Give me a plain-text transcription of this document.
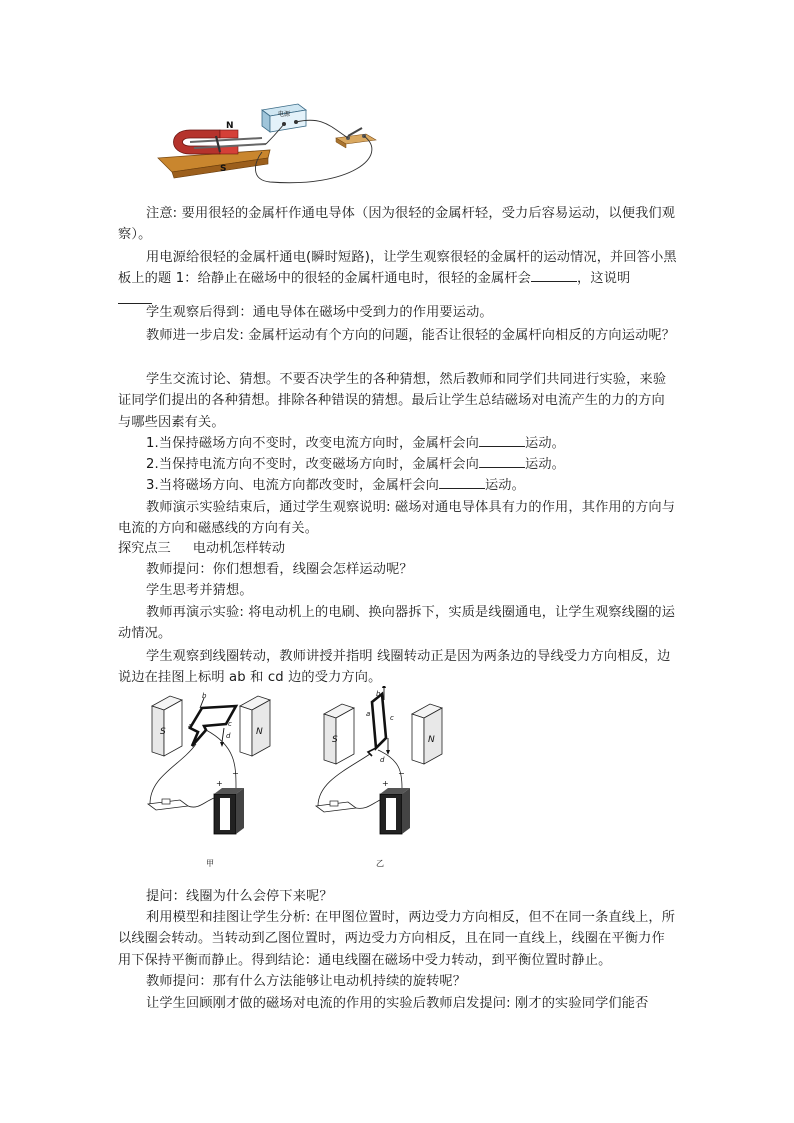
N
S
电源

注意: 要用很轻的金属杆作通电导体（因为很轻的金属杆轻，受力后容易运动，以便我们观察）。

用电源给很轻的金属杆通电(瞬时短路)，让学生观察很轻的金属杆的运动情况，并回答小黑板上的题 1：给静止在磁场中的很轻的金属杆通电时，很轻的金属杆会	，这说明

学生观察后得到：通电导体在磁场中受到力的作用要运动。

教师进一步启发: 金属杆运动有个方向的问题，能否让很轻的金属杆向相反的方向运动呢？

学生交流讨论、猜想。不要否决学生的各种猜想，然后教师和同学们共同进行实验，来验证同学们提出的各种猜想。排除各种错误的猜想。最后让学生总结磁场对电流产生的力的方向与哪些因素有关。

1.当保持磁场方向不变时，改变电流方向时，金属杆会向	运动。

2.当保持电流方向不变时，改变磁场方向时，金属杆会向	运动。

3.当将磁场方向、电流方向都改变时，金属杆会向	运动。

教师演示实验结束后，通过学生观察说明: 磁场对通电导体具有力的作用，其作用的方向与电流的方向和磁感线的方向有关。

探究点三 电动机怎样转动

教师提问：你们想想看，线圈会怎样运动呢？

学生思考并猜想。

教师再演示实验: 将电动机上的电刷、换向器拆下，实质是线圈通电，让学生观察线圈的运动情况。

学生观察到线圈转动，教师讲授并指明 线圈转动正是因为两条边的导线受力方向相反，边说边在挂图上标明 ab 和 cd 边的受力方向。

S	N
b
a	c
d
+
−
甲
S	N
b
a	c
d
+
−
乙

提问：线圈为什么会停下来呢？

利用模型和挂图让学生分析: 在甲图位置时，两边受力方向相反，但不在同一条直线上，所以线圈会转动。当转动到乙图位置时，两边受力方向相反，且在同一直线上，线圈在平衡力作用下保持平衡而静止。得到结论：通电线圈在磁场中受力转动，到平衡位置时静止。

教师提问：那有什么方法能够让电动机持续的旋转呢？

让学生回顾刚才做的磁场对电流的作用的实验后教师启发提问: 刚才的实验同学们能否
